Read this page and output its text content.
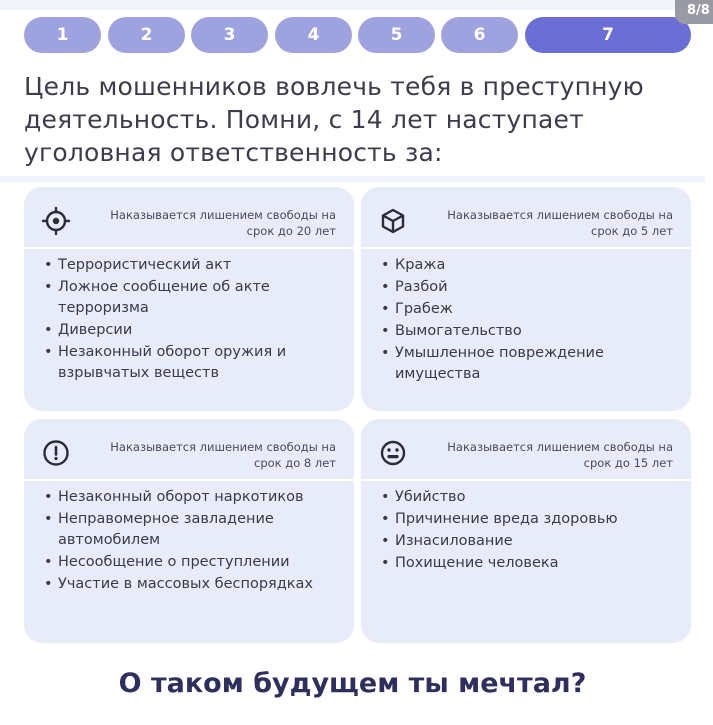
1	2	3	4	5	6	7
8/8

Цель мошенников вовлечь тебя в преступную деятельность. Помни, с 14 лет наступает уголовная ответственность за:

Наказывается лишением свободы на срок до 20 лет
• Террористический акт
• Ложное сообщение об акте терроризма
• Диверсии
• Незаконный оборот оружия и взрывчатых веществ
Наказывается лишением свободы на срок до 5 лет
• Кража
• Разбой
• Грабеж
• Вымогательство
• Умышленное повреждение имущества
Наказывается лишением свободы на срок до 8 лет
• Незаконный оборот наркотиков
• Неправомерное завладение автомобилем
• Несообщение о преступлении
• Участие в массовых беспорядках
Наказывается лишением свободы на срок до 15 лет
• Убийство
• Причинение вреда здоровью
• Изнасилование
• Похищение человека

О таком будущем ты мечтал?
